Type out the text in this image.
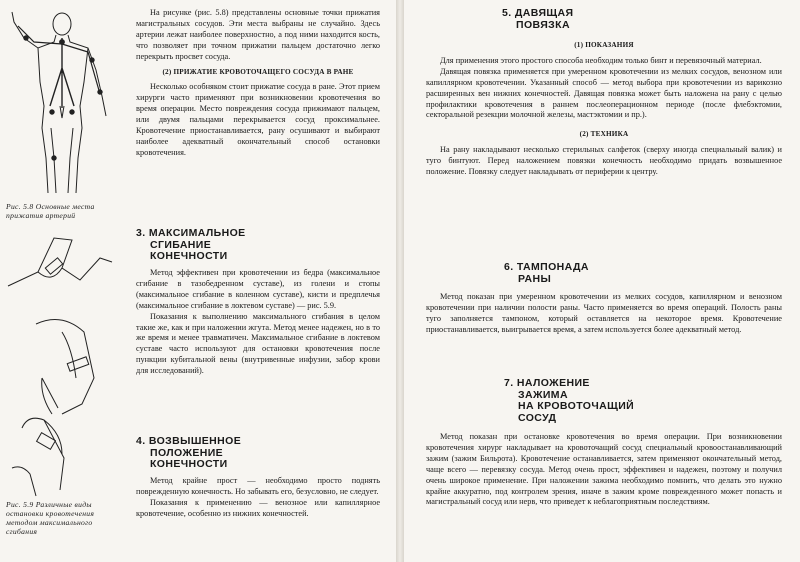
Рис. 5.8 Основные места прижатия артерий
Рис. 5.9 Различные виды остановки кровотечения методом максимального сгибания

На рисунке (рис. 5.8) представлены основные точки прижатия магистральных сосудов. Эти места выбраны не случайно. Здесь артерии лежат наиболее поверхностно, а под ними находится кость, что позволяет при точном прижатии пальцем достаточно легко перекрыть просвет сосуда.

(2) ПРИЖАТИЕ КРОВОТОЧАЩЕГО СОСУДА В РАНЕ

Несколько особняком стоит прижатие сосуда в ране. Этот прием хирурги часто применяют при возникновении кровотечения во время операции. Место повреждения сосуда прижимают пальцем, или двумя пальцами перекрывается сосуд проксимальнее. Кровотечение приостанавливается, рану осушивают и выбирают наиболее адекватный окончательный способ остановки кровотечения.

3. МАКСИМАЛЬНОЕ
СГИБАНИЕ
КОНЕЧНОСТИ

Метод эффективен при кровотечении из бедра (максимальное сгибание в тазобедренном суставе), из голени и стопы (максимальное сгибание в коленном суставе), кисти и предплечья (максимальное сгибание в локтевом суставе) — рис. 5.9.

Показания к выполнению максимального сгибания в целом такие же, как и при наложении жгута. Метод менее надежен, но в то же время и менее травматичен. Максимальное сгибание в локтевом суставе часто используют для остановки кровотечения после пункции кубитальной вены (внутривенные инфузии, забор крови для исследований).

4. ВОЗВЫШЕННОЕ
ПОЛОЖЕНИЕ
КОНЕЧНОСТИ

Метод крайне прост — необходимо просто поднять поврежденную конечность. Но забывать его, безусловно, не следует.

Показания к применению — венозное или капиллярное кровотечение, особенно из нижних конечностей.

5. ДАВЯЩАЯ
ПОВЯЗКА

(1) ПОКАЗАНИЯ

Для применения этого простого способа необходим только бинт и перевязочный материал.

Давящая повязка применяется при умеренном кровотечении из мелких сосудов, венозном или капиллярном кровотечении. Указанный способ — метод выбора при кровотечении из варикозно расширенных вен нижних конечностей. Давящая повязка может быть наложена на рану с целью профилактики кровотечения в раннем послеоперационном периоде (после флебэктомии, секторальной резекции молочной железы, мастэктомии и пр.).

(2) ТЕХНИКА

На рану накладывают несколько стерильных салфеток (сверху иногда специальный валик) и туго бинтуют. Перед наложением повязки конечность необходимо придать возвышенное положение. Повязку следует накладывать от периферии к центру.

6. ТАМПОНАДА
РАНЫ

Метод показан при умеренном кровотечении из мелких сосудов, капиллярном и венозном кровотечении при наличии полости раны. Часто применяется во время операций. Полость раны туго заполняется тампоном, который оставляется на некоторое время. Кровотечение приостанавливается, выигрывается время, а затем используется более адекватный метод.

7. НАЛОЖЕНИЕ
ЗАЖИМА
НА КРОВОТОЧАЩИЙ
СОСУД

Метод показан при остановке кровотечения во время операции. При возникновении кровотечения хирург накладывает на кровоточащий сосуд специальный кровоостанавливающий зажим (зажим Бильрота). Кровотечение останавливается, затем применяют окончательный метод, чаще всего — перевязку сосуда. Метод очень прост, эффективен и надежен, поэтому и получил очень широкое применение. При наложении зажима необходимо помнить, что делать это нужно крайне аккуратно, под контролем зрения, иначе в зажим кроме поврежденного может попасть и магистральный сосуд или нерв, что приведет к неблагоприятным последствиям.
